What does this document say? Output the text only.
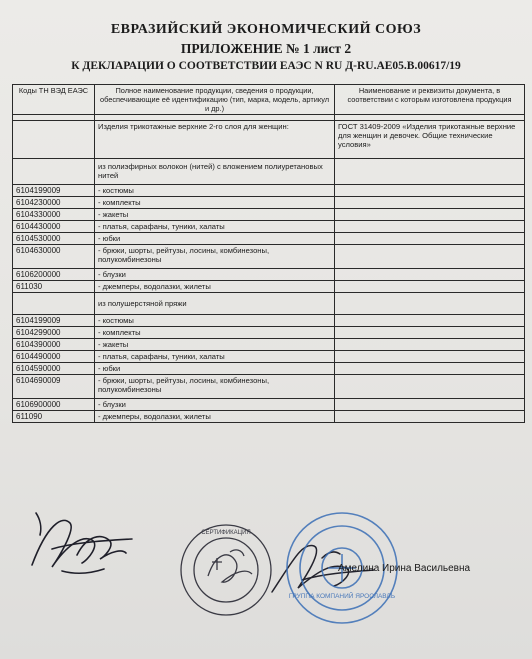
ЕВРАЗИЙСКИЙ ЭКОНОМИЧЕСКИЙ СОЮЗ
ПРИЛОЖЕНИЕ № 1 лист 2
К ДЕКЛАРАЦИИ О СООТВЕТСТВИИ ЕАЭС N RU Д-RU.АЕ05.В.00617/19
Коды ТН ВЭД ЕАЭС	Полное наименование продукции, сведения о продукции, обеспечивающие её идентификацию (тип, марка, модель, артикул и др.)	Наименование и реквизиты документа, в соответствии с которым изготовлена продукция

	Изделия трикотажные верхние 2-го слоя для женщин:	ГОСТ 31409-2009 «Изделия трикотажные верхние для женщин и девочек. Общие технические условия»
	из полиэфирных волокон (нитей) с вложением полиуретановых нитей	
6104199009	- костюмы	
6104230000	- комплекты	
6104330000	- жакеты	
6104430000	- платья, сарафаны, туники, халаты	
6104530000	- юбки	
6104630000	- брюки, шорты, рейтузы, лосины, комбинезоны, полукомбинезоны	
6106200000	- блузки	
611030	- джемперы, водолазки, жилеты	
	из полушерстяной пряжи	
6104199009	- костюмы	
6104299000	- комплекты	
6104390000	- жакеты	
6104490000	- платья, сарафаны, туники, халаты	
6104590000	- юбки	
6104690009	- брюки, шорты, рейтузы, лосины, комбинезоны, полукомбинезоны	
6106900000	- блузки	
611090	- джемперы, водолазки, жилеты	
СЕРТИФИКАЦИЯ
ГРУППА КОМПАНИЙ ЯРОСЛАВЛЬ
Амелина Ирина Васильевна
